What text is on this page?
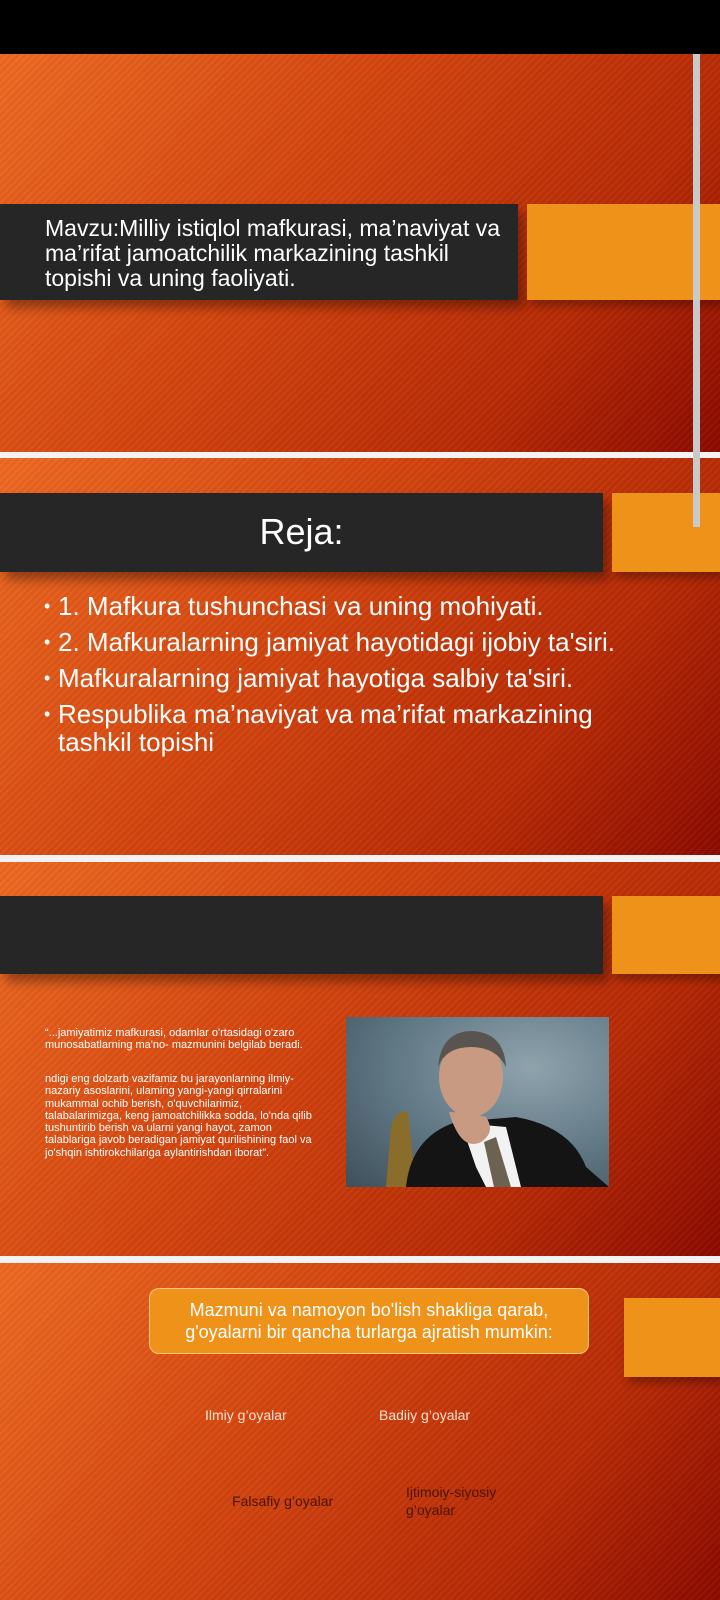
Mavzu:Milliy istiqlol mafkurasi, ma’naviyat va ma’rifat jamoatchilik markazining tashkil topishi va uning faoliyati.
Reja:
• 1. Mafkura tushunchasi va uning mohiyati.
• 2. Mafkuralarning jamiyat hayotidagi ijobiy ta'siri.
• Mafkuralarning jamiyat hayotiga salbiy ta'siri.
• Respublika ma’naviyat va ma’rifat markazining tashkil topishi
“...jamiyatimiz mafkurasi, odamlar o'rtasidagi o'zaro munosabatlarning ma'no- mazmunini belgilab beradi.
ndigi eng dolzarb vazifamiz bu jarayonlarning ilmiy- nazariy asoslarini, ulaming yangi-yangi qirralarini mukammal ochib berish, o'quvchilarimiz, talabalarimizga, keng jamoatchilikka sodda, lo'nda qilib tushuntirib berish va ularni yangi hayot, zamon talablariga javob beradigan jamiyat qurilishining faol va jo'shqin ishtirokchilariga aylantirishdan iborat”.
Mazmuni va namoyon bo'lish shakliga qarab, g'oyalarni bir qancha turlarga ajratish mumkin:
Ilmiy g’oyalar	Badiiy g’oyalar
Falsafiy g’oyalar
Ijtimoiy-siyosiy g’oyalar
